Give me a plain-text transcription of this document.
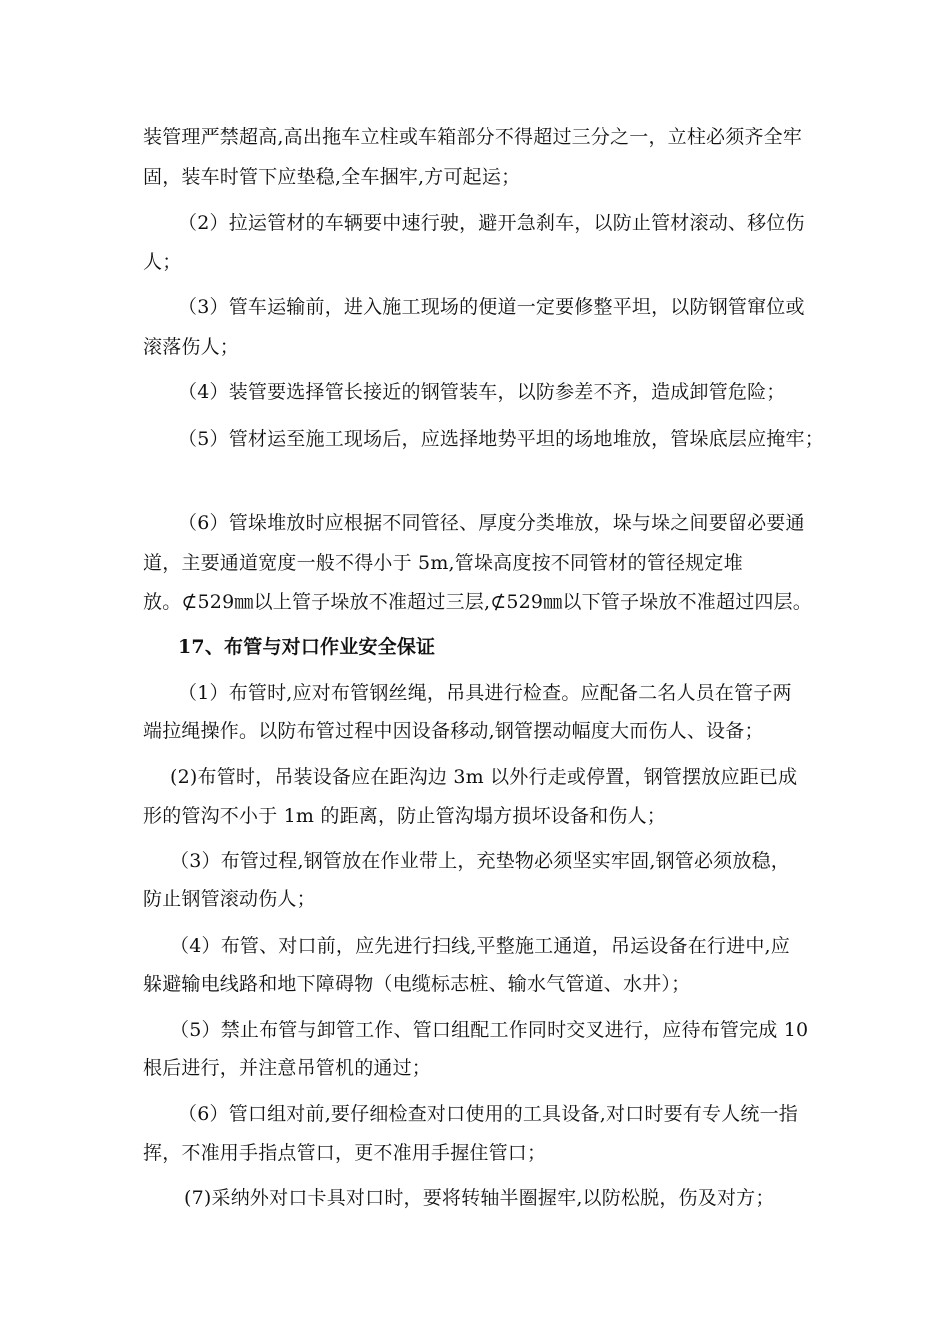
装管理严禁超高,高出拖车立柱或车箱部分不得超过三分之一，立柱必须齐全牢
固，装车时管下应垫稳,全车捆牢,方可起运；
（2）拉运管材的车辆要中速行驶，避开急刹车，以防止管材滚动、移位伤
人；
（3）管车运输前，进入施工现场的便道一定要修整平坦，以防钢管窜位或
滚落伤人；
（4）装管要选择管长接近的钢管装车，以防参差不齐，造成卸管危险；
（5）管材运至施工现场后，应选择地势平坦的场地堆放，管垛底层应掩牢；
（6）管垛堆放时应根据不同管径、厚度分类堆放，垛与垛之间要留必要通
道，主要通道宽度一般不得小于 5m,管垛高度按不同管材的管径规定堆
放。⊄529㎜以上管子垛放不准超过三层,⊄529㎜以下管子垛放不准超过四层。
17、布管与对口作业安全保证
（1）布管时,应对布管钢丝绳，吊具进行检查。应配备二名人员在管子两
端拉绳操作。以防布管过程中因设备移动,钢管摆动幅度大而伤人、设备；
(2)布管时，吊装设备应在距沟边 3m 以外行走或停置，钢管摆放应距已成
形的管沟不小于 1m 的距离，防止管沟塌方损坏设备和伤人；
（3）布管过程,钢管放在作业带上，充垫物必须坚实牢固,钢管必须放稳，
防止钢管滚动伤人；
（4）布管、对口前，应先进行扫线,平整施工通道，吊运设备在行进中,应
躲避输电线路和地下障碍物（电缆标志桩、输水气管道、水井）；
（5）禁止布管与卸管工作、管口组配工作同时交叉进行，应待布管完成 10
根后进行，并注意吊管机的通过；
（6）管口组对前,要仔细检查对口使用的工具设备,对口时要有专人统一指
挥，不准用手指点管口，更不准用手握住管口；
(7)采纳外对口卡具对口时，要将转轴半圈握牢,以防松脱，伤及对方；
